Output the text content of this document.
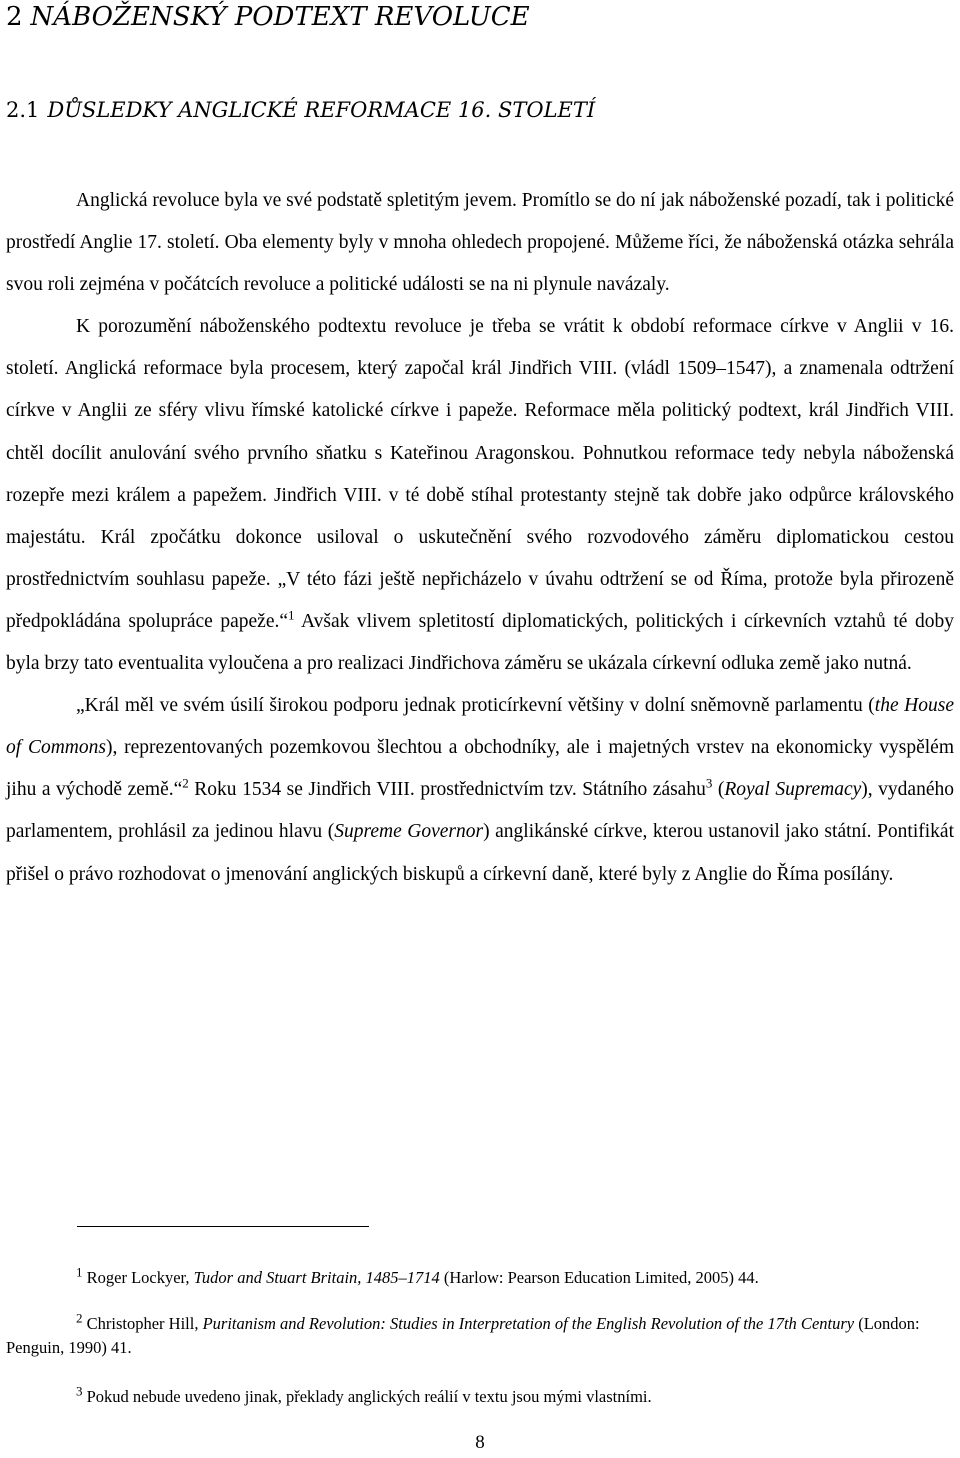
2 NÁBOŽENSKÝ PODTEXT REVOLUCE
2.1 DŮSLEDKY ANGLICKÉ REFORMACE 16. STOLETÍ

Anglická revoluce byla ve své podstatě spletitým jevem. Promítlo se do ní jak náboženské pozadí, tak i politické prostředí Anglie 17. století. Oba elementy byly v mnoha ohledech propojené. Můžeme říci, že náboženská otázka sehrála svou roli zejména v počátcích revoluce a politické události se na ni plynule navázaly.

K porozumění náboženského podtextu revoluce je třeba se vrátit k období reformace církve v Anglii v 16. století. Anglická reformace byla procesem, který započal král Jindřich VIII. (vládl 1509–1547), a znamenala odtržení církve v Anglii ze sféry vlivu římské katolické církve i papeže. Reformace měla politický podtext, král Jindřich VIII. chtěl docílit anulování svého prvního sňatku s Kateřinou Aragonskou. Pohnutkou reformace tedy nebyla náboženská rozepře mezi králem a papežem. Jindřich VIII. v té době stíhal protestanty stejně tak dobře jako odpůrce královského majestátu. Král zpočátku dokonce usiloval o uskutečnění svého rozvodového záměru diplomatickou cestou prostřednictvím souhlasu papeže. „V této fázi ještě nepřicházelo v úvahu odtržení se od Říma, protože byla přirozeně předpokládána spolupráce papeže.“$^1$ Avšak vlivem spletitostí diplomatických, politických i církevních vztahů té doby byla brzy tato eventualita vyloučena a pro realizaci Jindřichova záměru se ukázala církevní odluka země jako nutná.

„Král měl ve svém úsilí širokou podporu jednak proticírkevní většiny v dolní sněmovně parlamentu (the House of Commons), reprezentovaných pozemkovou šlechtou a obchodníky, ale i majetných vrstev na ekonomicky vyspělém jihu a východě země.“$^2$ Roku 1534 se Jindřich VIII. prostřednictvím tzv. Státního zásahu$^3$ (Royal Supremacy), vydaného parlamentem, prohlásil za jedinou hlavu (Supreme Governor) anglikánské církve, kterou ustanovil jako státní. Pontifikát přišel o právo rozhodovat o jmenování anglických biskupů a církevní daně, které byly z Anglie do Říma posílány.

$^1$ Roger Lockyer, Tudor and Stuart Britain, 1485–1714 (Harlow: Pearson Education Limited, 2005) 44.

$^2$ Christopher Hill, Puritanism and Revolution: Studies in Interpretation of the English Revolution of the 17th Century (London: Penguin, 1990) 41.

$^3$ Pokud nebude uvedeno jinak, překlady anglických reálií v textu jsou mými vlastními.

8
